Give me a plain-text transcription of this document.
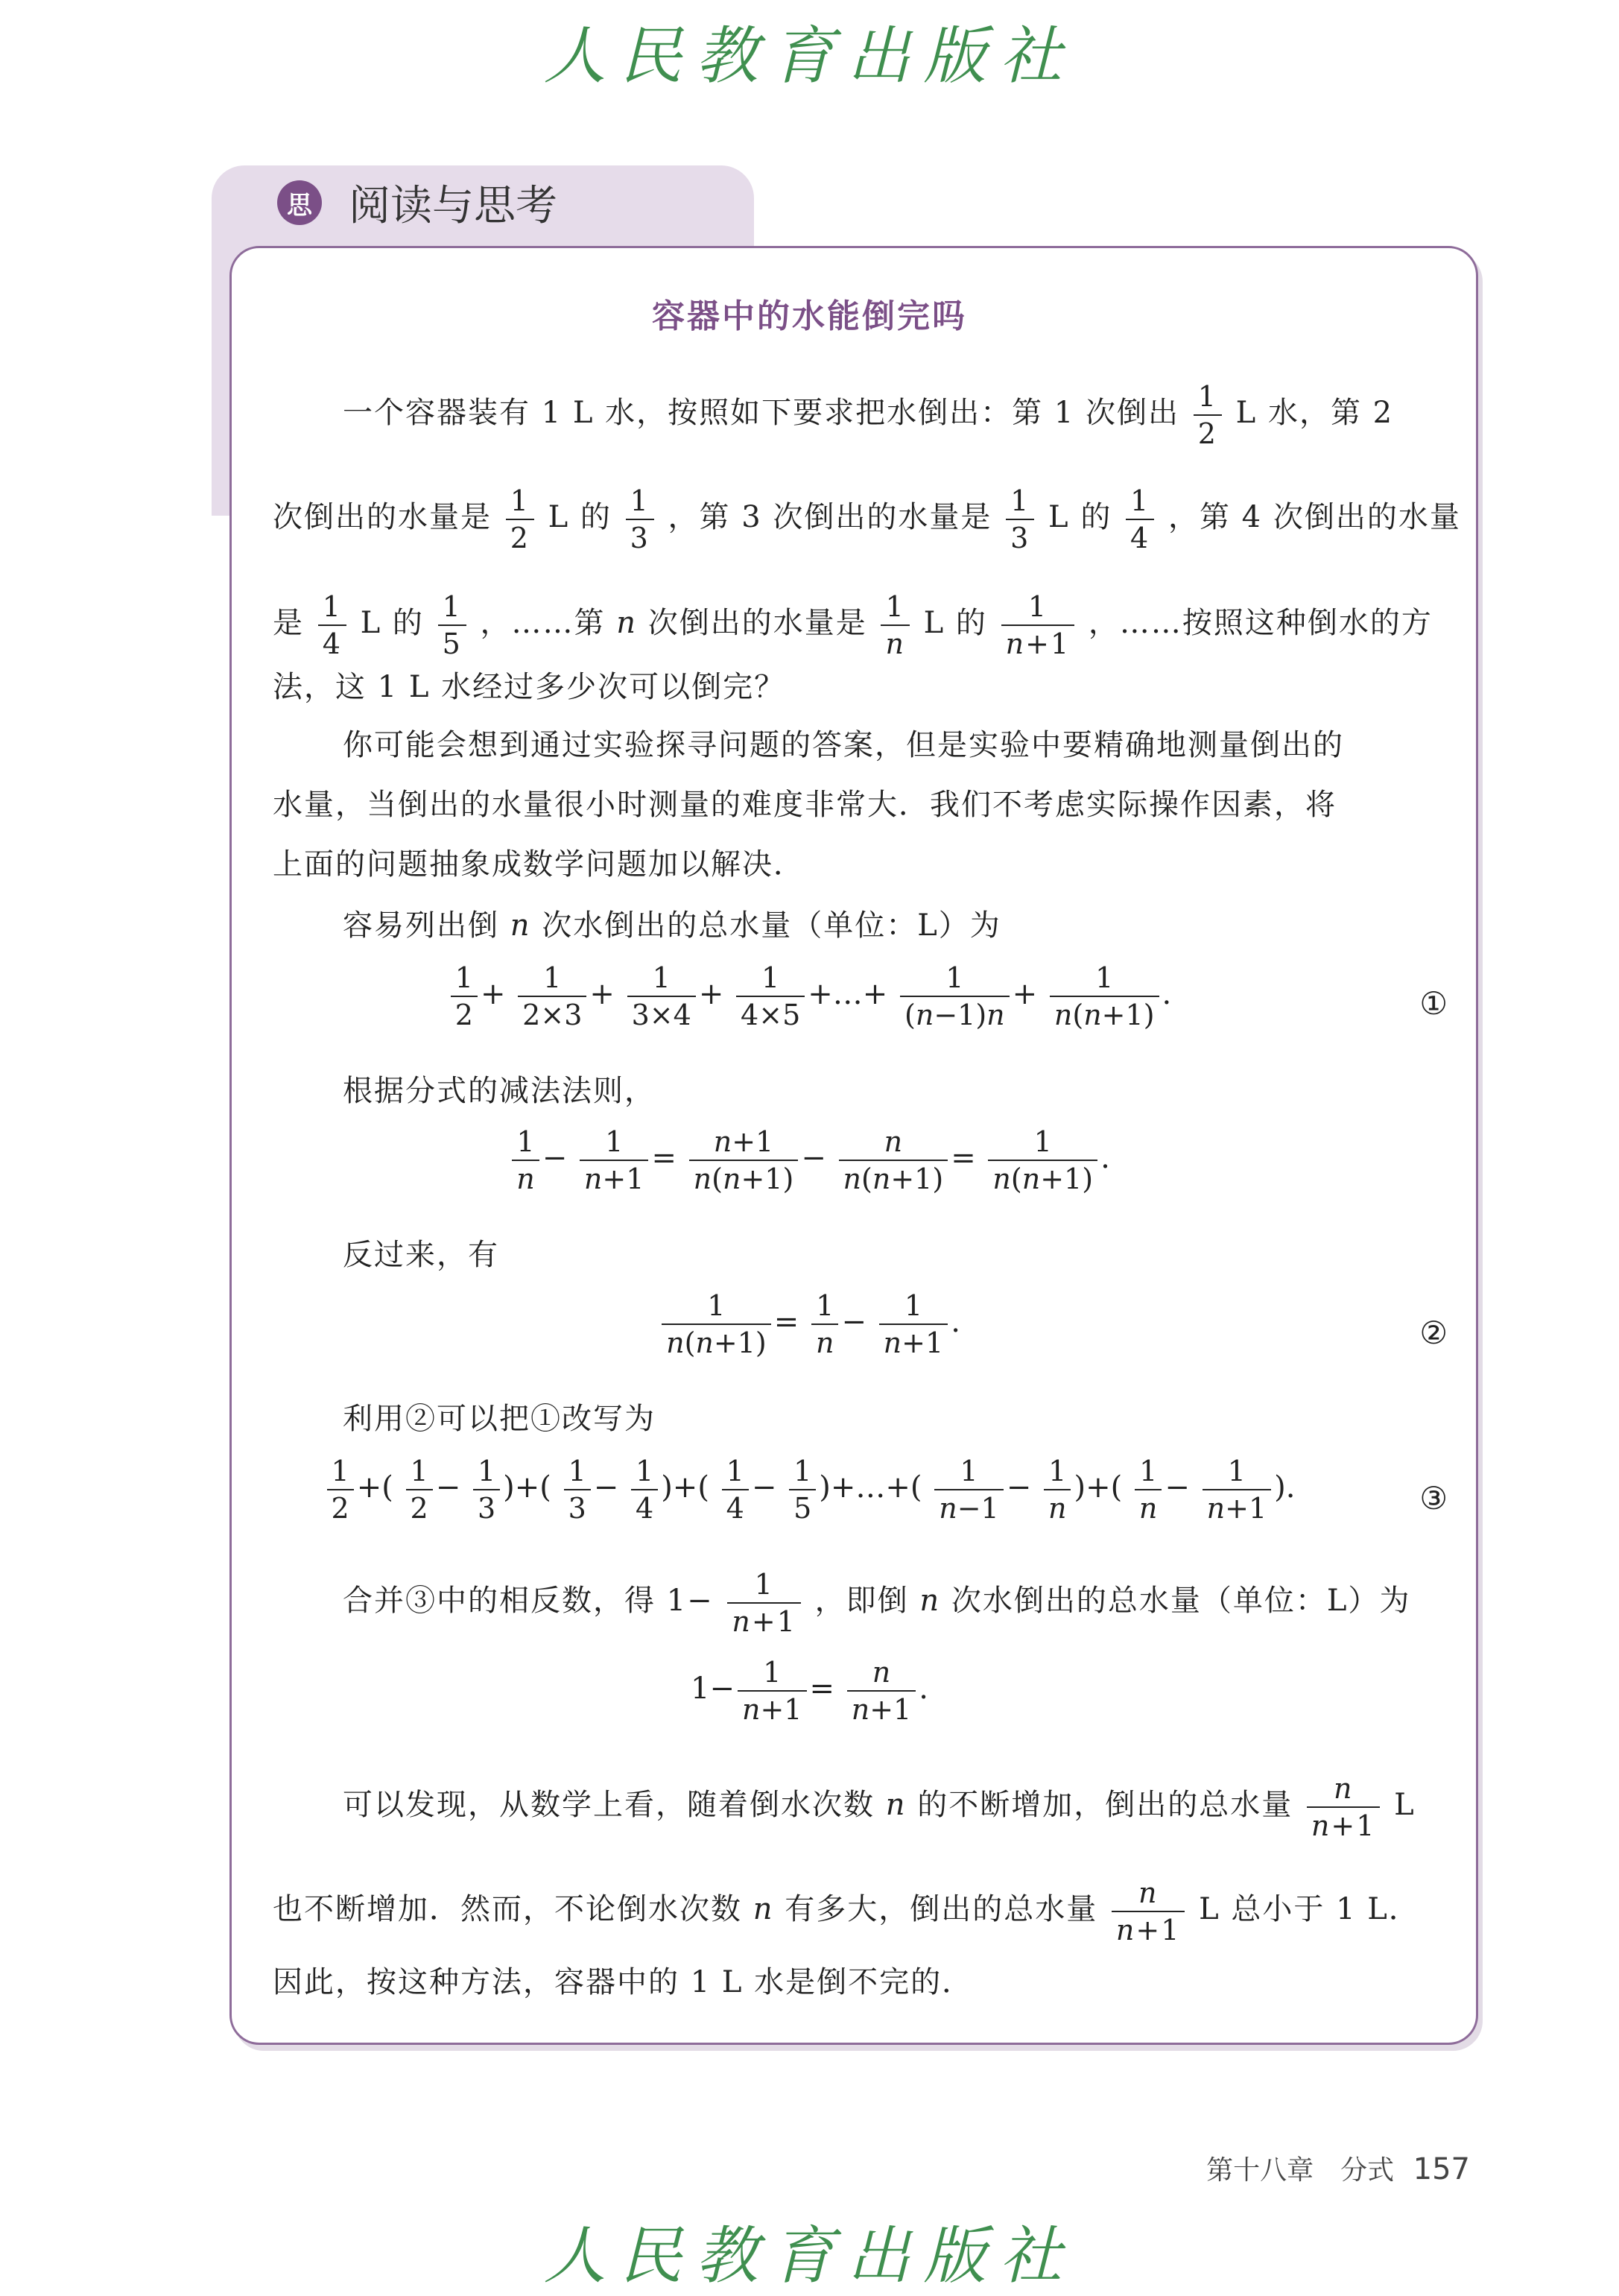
人民教育出版社
思 阅读与思考
容器中的水能倒完吗
一个容器装有 1 L 水，按照如下要求把水倒出：第 1 次倒出 $\frac{1}{2}$ L 水，第 2
次倒出的水量是 $\frac{1}{2}$ L 的 $\frac{1}{3}$ ，第 3 次倒出的水量是 $\frac{1}{3}$ L 的 $\frac{1}{4}$ ，第 4 次倒出的水量
是 $\frac{1}{4}$ L 的 $\frac{1}{5}$ ，……第 n 次倒出的水量是 $\frac{1}{n}$ L 的 $\frac{1}{n+1}$ ，……按照这种倒水的方
法，这 1 L 水经过多少次可以倒完？
你可能会想到通过实验探寻问题的答案，但是实验中要精确地测量倒出的
水量，当倒出的水量很小时测量的难度非常大．我们不考虑实际操作因素，将
上面的问题抽象成数学问题加以解决．
容易列出倒 n 次水倒出的总水量（单位：L）为
$\frac{1}{2} + \frac{1}{2\times 3} + \frac{1}{3\times 4} + \frac{1}{4\times 5}$ +…+ $\frac{1}{(n-1)n} + \frac{1}{n(n+1)}$ .	①
根据分式的减法法则，
$\frac{1}{n} - \frac{1}{n+1} = \frac{n+1}{n(n+1)} - \frac{n}{n(n+1)} = \frac{1}{n(n+1)}$ .
反过来，有
$\frac{1}{n(n+1)} = \frac{1}{n} - \frac{1}{n+1}$ .	②
利用②可以把①改写为
$\frac{1}{2}$ +( $\frac{1}{2} - \frac{1}{3}$ )+( $\frac{1}{3} - \frac{1}{4}$ )+( $\frac{1}{4} - \frac{1}{5}$ )+…+( $\frac{1}{n-1} - \frac{1}{n}$ )+( $\frac{1}{n} - \frac{1}{n+1}$ ).	③
合并③中的相反数，得 $1- \frac{1}{n+1}$ ，即倒 n 次水倒出的总水量（单位：L）为
$1- \frac{1}{n+1} = \frac{n}{n+1}$ .
可以发现，从数学上看，随着倒水次数 n 的不断增加，倒出的总水量 $\frac{n}{n+1}$ L
也不断增加．然而，不论倒水次数 n 有多大，倒出的总水量 $\frac{n}{n+1}$ L 总小于 1 L．
因此，按这种方法，容器中的 1 L 水是倒不完的．
第十八章　分式 157
人民教育出版社
